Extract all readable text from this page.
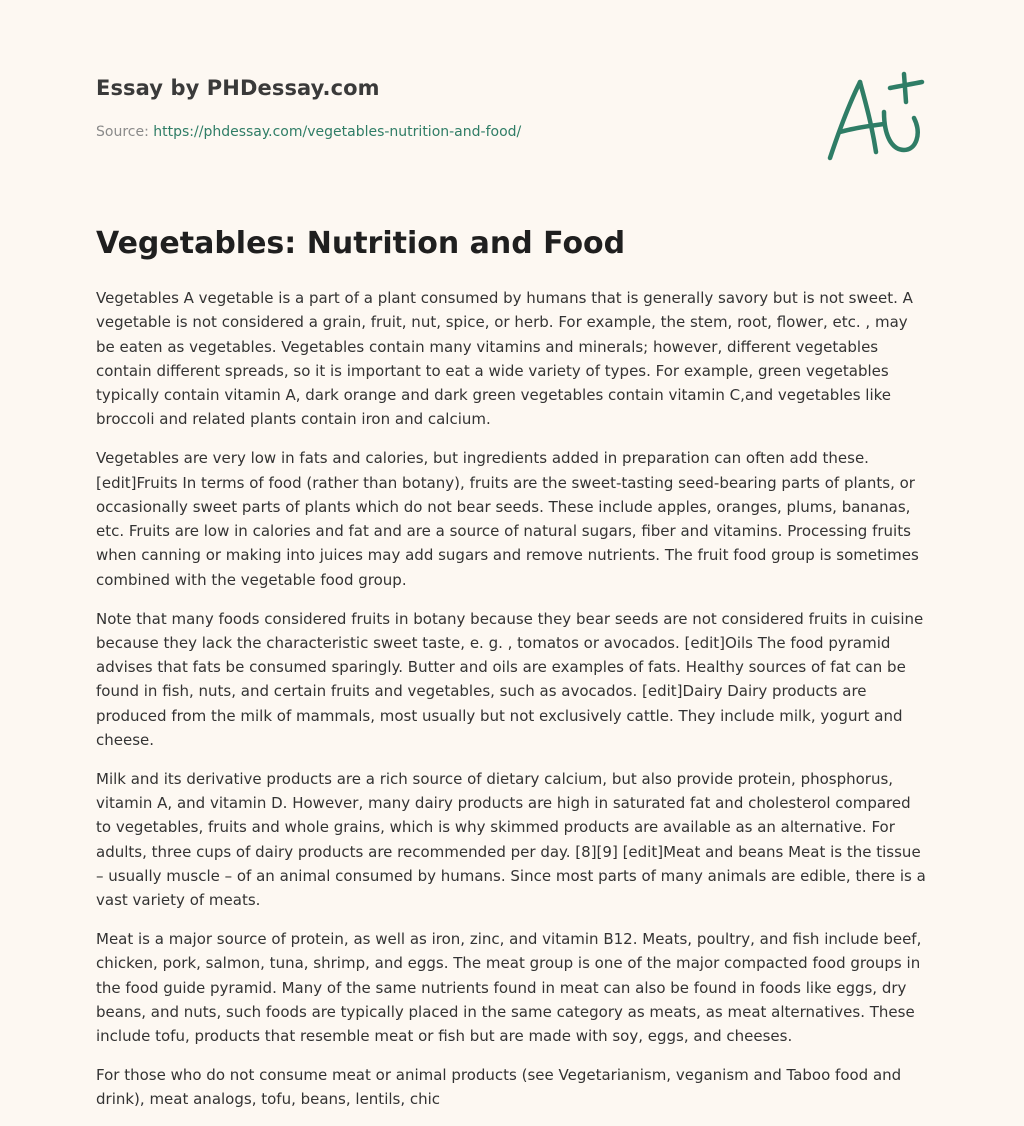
Essay by PHDessay.com
Source: https://phdessay.com/vegetables-nutrition-and-food/
Vegetables: Nutrition and Food

Vegetables A vegetable is a part of a plant consumed by humans that is generally savory but is not sweet. A vegetable is not considered a grain, fruit, nut, spice, or herb. For example, the stem, root, flower, etc. , may be eaten as vegetables. Vegetables contain many vitamins and minerals; however, different vegetables contain different spreads, so it is important to eat a wide variety of types. For example, green vegetables typically contain vitamin A, dark orange and dark green vegetables contain vitamin C,and vegetables like broccoli and related plants contain iron and calcium.

Vegetables are very low in fats and calories, but ingredients added in preparation can often add these. [edit]Fruits In terms of food (rather than botany), fruits are the sweet-tasting seed-bearing parts of plants, or occasionally sweet parts of plants which do not bear seeds. These include apples, oranges, plums, bananas, etc. Fruits are low in calories and fat and are a source of natural sugars, fiber and vitamins. Processing fruits when canning or making into juices may add sugars and remove nutrients. The fruit food group is sometimes combined with the vegetable food group.

Note that many foods considered fruits in botany because they bear seeds are not considered fruits in cuisine because they lack the characteristic sweet taste, e. g. , tomatos or avocados. [edit]Oils The food pyramid advises that fats be consumed sparingly. Butter and oils are examples of fats. Healthy sources of fat can be found in fish, nuts, and certain fruits and vegetables, such as avocados. [edit]Dairy Dairy products are produced from the milk of mammals, most usually but not exclusively cattle. They include milk, yogurt and cheese.

Milk and its derivative products are a rich source of dietary calcium, but also provide protein, phosphorus, vitamin A, and vitamin D. However, many dairy products are high in saturated fat and cholesterol compared to vegetables, fruits and whole grains, which is why skimmed products are available as an alternative. For adults, three cups of dairy products are recommended per day. [8][9] [edit]Meat and beans Meat is the tissue – usually muscle – of an animal consumed by humans. Since most parts of many animals are edible, there is a vast variety of meats.

Meat is a major source of protein, as well as iron, zinc, and vitamin B12. Meats, poultry, and fish include beef, chicken, pork, salmon, tuna, shrimp, and eggs. The meat group is one of the major compacted food groups in the food guide pyramid. Many of the same nutrients found in meat can also be found in foods like eggs, dry beans, and nuts, such foods are typically placed in the same category as meats, as meat alternatives. These include tofu, products that resemble meat or fish but are made with soy, eggs, and cheeses.

For those who do not consume meat or animal products (see Vegetarianism, veganism and Taboo food and drink), meat analogs, tofu, beans, lentils, chic
